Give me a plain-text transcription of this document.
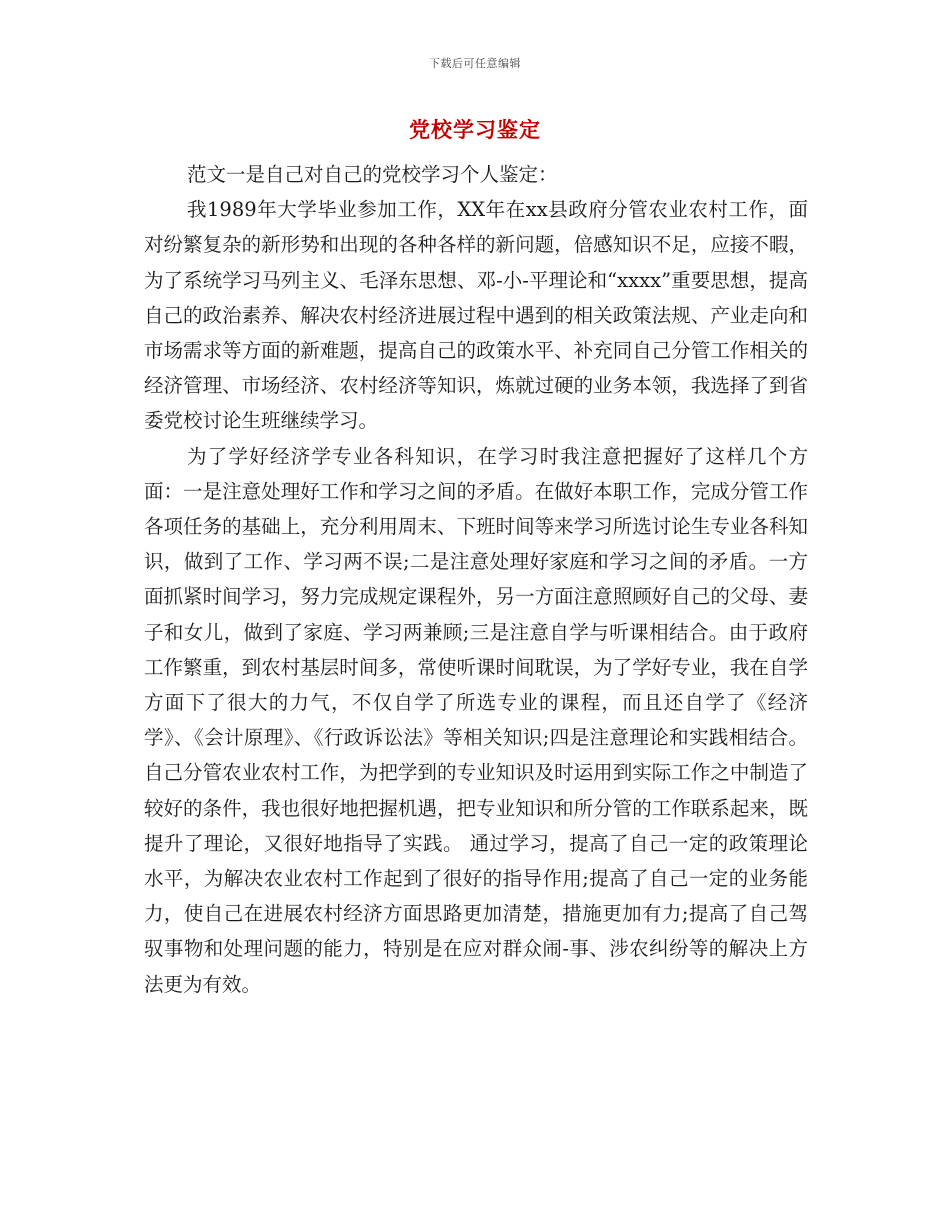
下载后可任意编辑
党校学习鉴定

范文一是自己对自己的党校学习个人鉴定：

我1989年大学毕业参加工作，XX年在xx县政府分管农业农村工作，面对纷繁复杂的新形势和出现的各种各样的新问题，倍感知识不足，应接不暇，为了系统学习马列主义、毛泽东思想、邓-小-平理论和“xxxx”重要思想，提高自己的政治素养、解决农村经济进展过程中遇到的相关政策法规、产业走向和市场需求等方面的新难题，提高自己的政策水平、补充同自己分管工作相关的经济管理、市场经济、农村经济等知识，炼就过硬的业务本领，我选择了到省委党校讨论生班继续学习。

为了学好经济学专业各科知识，在学习时我注意把握好了这样几个方面：一是注意处理好工作和学习之间的矛盾。在做好本职工作，完成分管工作各项任务的基础上，充分利用周末、下班时间等来学习所选讨论生专业各科知识，做到了工作、学习两不误;二是注意处理好家庭和学习之间的矛盾。一方面抓紧时间学习，努力完成规定课程外，另一方面注意照顾好自己的父母、妻子和女儿，做到了家庭、学习两兼顾;三是注意自学与听课相结合。由于政府工作繁重，到农村基层时间多，常使听课时间耽误，为了学好专业，我在自学方面下了很大的力气，不仅自学了所选专业的课程，而且还自学了《经济学》、《会计原理》、《行政诉讼法》等相关知识;四是注意理论和实践相结合。自己分管农业农村工作，为把学到的专业知识及时运用到实际工作之中制造了较好的条件，我也很好地把握机遇，把专业知识和所分管的工作联系起来，既提升了理论，又很好地指导了实践。 通过学习，提高了自己一定的政策理论水平，为解决农业农村工作起到了很好的指导作用;提高了自己一定的业务能力，使自己在进展农村经济方面思路更加清楚，措施更加有力;提高了自己驾驭事物和处理问题的能力，特别是在应对群众闹-事、涉农纠纷等的解决上方法更为有效。
